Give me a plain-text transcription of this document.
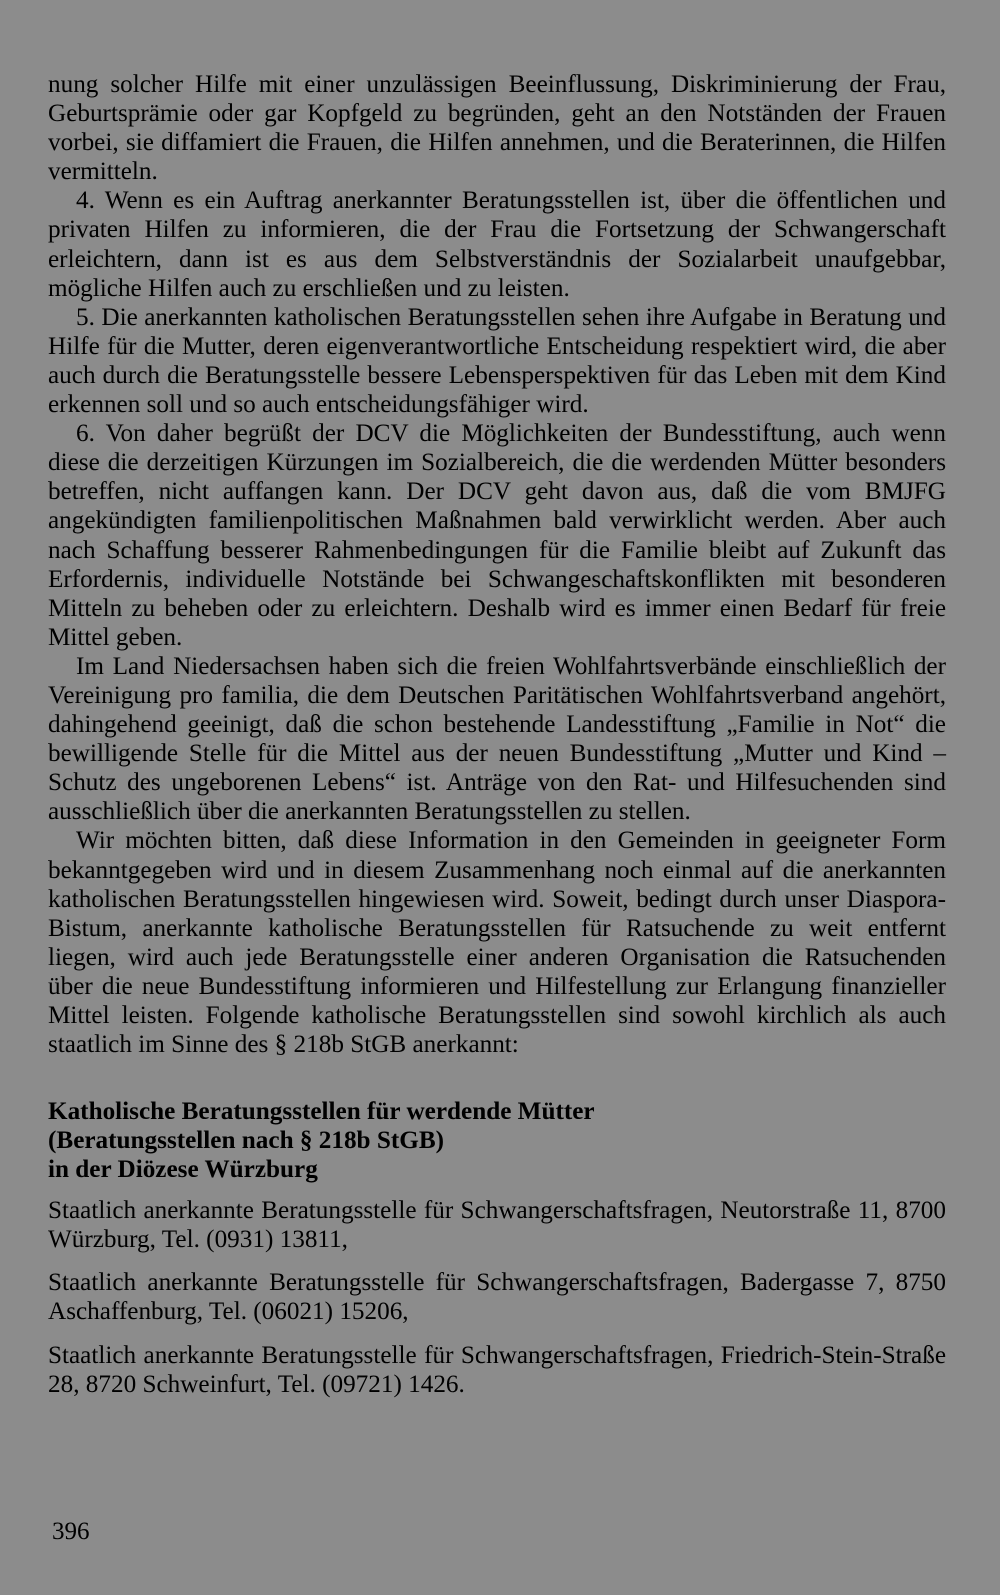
nung solcher Hilfe mit einer unzulässigen Beeinflussung, Diskriminierung der Frau, Geburtsprämie oder gar Kopfgeld zu begründen, geht an den Notständen der Frauen vorbei, sie diffamiert die Frauen, die Hilfen annehmen, und die Beraterinnen, die Hilfen vermitteln.

4. Wenn es ein Auftrag anerkannter Beratungsstellen ist, über die öffentlichen und privaten Hilfen zu informieren, die der Frau die Fortsetzung der Schwangerschaft erleichtern, dann ist es aus dem Selbstverständnis der Sozialarbeit unaufgebbar, mögliche Hilfen auch zu erschließen und zu leisten.

5. Die anerkannten katholischen Beratungsstellen sehen ihre Aufgabe in Beratung und Hilfe für die Mutter, deren eigenverantwortliche Entscheidung respektiert wird, die aber auch durch die Beratungsstelle bessere Lebensperspektiven für das Leben mit dem Kind erkennen soll und so auch entscheidungsfähiger wird.

6. Von daher begrüßt der DCV die Möglichkeiten der Bundesstiftung, auch wenn diese die derzeitigen Kürzungen im Sozialbereich, die die werdenden Mütter besonders betreffen, nicht auffangen kann. Der DCV geht davon aus, daß die vom BMJFG angekündigten familienpolitischen Maßnahmen bald verwirklicht werden. Aber auch nach Schaffung besserer Rahmenbedingungen für die Familie bleibt auf Zukunft das Erfordernis, individuelle Notstände bei Schwangeschaftskonflikten mit besonderen Mitteln zu beheben oder zu erleichtern. Deshalb wird es immer einen Bedarf für freie Mittel geben.

Im Land Niedersachsen haben sich die freien Wohlfahrtsverbände einschließlich der Vereinigung pro familia, die dem Deutschen Paritätischen Wohlfahrtsverband angehört, dahingehend geeinigt, daß die schon bestehende Landesstiftung „Familie in Not“ die bewilligende Stelle für die Mittel aus der neuen Bundesstiftung „Mutter und Kind – Schutz des ungeborenen Lebens“ ist. Anträge von den Rat- und Hilfesuchenden sind ausschließlich über die anerkannten Beratungsstellen zu stellen.

Wir möchten bitten, daß diese Information in den Gemeinden in geeigneter Form bekanntgegeben wird und in diesem Zusammenhang noch einmal auf die anerkannten katholischen Beratungsstellen hingewiesen wird. Soweit, bedingt durch unser Diaspora-Bistum, anerkannte katholische Beratungsstellen für Ratsuchende zu weit entfernt liegen, wird auch jede Beratungsstelle einer anderen Organisation die Ratsuchenden über die neue Bundesstiftung informieren und Hilfestellung zur Erlangung finanzieller Mittel leisten. Folgende katholische Beratungsstellen sind sowohl kirchlich als auch staatlich im Sinne des § 218b StGB anerkannt:

Katholische Beratungsstellen für werdende Mütter
(Beratungsstellen nach § 218b StGB)
in der Diözese Würzburg

Staatlich anerkannte Beratungsstelle für Schwangerschaftsfragen, Neutorstraße 11, 8700 Würzburg, Tel. (0931) 13811,

Staatlich anerkannte Beratungsstelle für Schwangerschaftsfragen, Badergasse 7, 8750 Aschaffenburg, Tel. (06021) 15206,

Staatlich anerkannte Beratungsstelle für Schwangerschaftsfragen, Friedrich-Stein-Straße 28, 8720 Schweinfurt, Tel. (09721) 1426.

396
